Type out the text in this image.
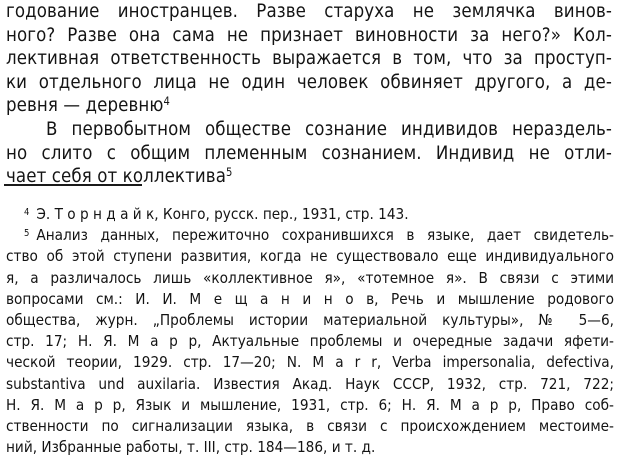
годование иностранцев. Разве старуха не землячка винов-
ного? Разве она сама не признает виновности за него?» Кол-
лективная ответственность выражается в том, что за проступ-
ки отдельного лица не один человек обвиняет другого, а де-
ревня — деревню$^4$
В первобытном обществе сознание индивидов нераздель-
но слито с общим племенным сознанием. Индивид не отли-
чает себя от коллектива$^5$
$^4$ Э. Т о р н д а й к, Конго, русск. пер., 1931, стр. 143.
$^5$ Анализ данных, пережиточно сохранившихся в языке, дает свидетель-
ство об этой ступени развития, когда не существовало еще индивидуального
я, а различалось лишь «коллективное я», «тотемное я». В связи с этими
вопросами см.: И. И. М е щ а н и н о в, Речь и мышление родового
общества, журн. „Проблемы истории материальной культуры», № 5—6,
стр. 17; Н. Я. М а р р, Актуальные проблемы и очередные задачи яфети-
ческой теории, 1929. стр. 17—20; N. M a r r, Verba impersonalia, defectiva,
substantiva und auxilaria. Известия Акад. Наук СССР, 1932, стр. 721, 722;
Н. Я. М а р р, Язык и мышление, 1931, стр. 6; Н. Я. М а р р, Право соб-
ственности по сигнализации языка, в связи с происхождением местоиме-
ний, Избранные работы, т. III, стр. 184—186, и т. д.
